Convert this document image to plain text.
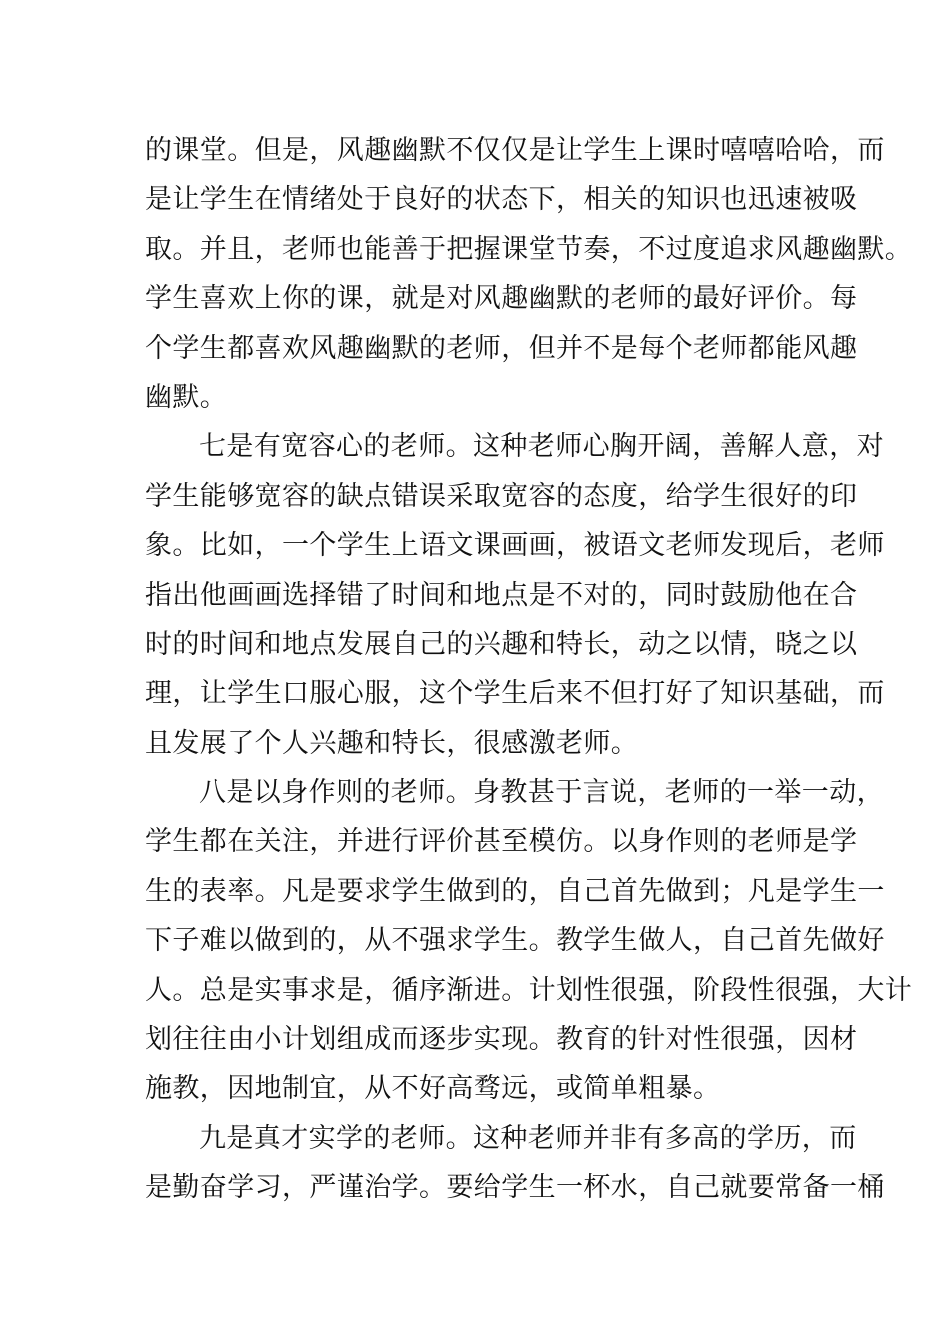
的课堂。但是，风趣幽默不仅仅是让学生上课时嘻嘻哈哈，而
是让学生在情绪处于良好的状态下，相关的知识也迅速被吸
取。并且，老师也能善于把握课堂节奏，不过度追求风趣幽默。
学生喜欢上你的课，就是对风趣幽默的老师的最好评价。每
个学生都喜欢风趣幽默的老师，但并不是每个老师都能风趣
幽默。
七是有宽容心的老师。这种老师心胸开阔，善解人意，对
学生能够宽容的缺点错误采取宽容的态度，给学生很好的印
象。比如，一个学生上语文课画画，被语文老师发现后，老师
指出他画画选择错了时间和地点是不对的，同时鼓励他在合
时的时间和地点发展自己的兴趣和特长，动之以情，晓之以
理，让学生口服心服，这个学生后来不但打好了知识基础，而
且发展了个人兴趣和特长，很感激老师。
八是以身作则的老师。身教甚于言说，老师的一举一动，
学生都在关注，并进行评价甚至模仿。以身作则的老师是学
生的表率。凡是要求学生做到的，自己首先做到；凡是学生一
下子难以做到的，从不强求学生。教学生做人，自己首先做好
人。总是实事求是，循序渐进。计划性很强，阶段性很强，大计
划往往由小计划组成而逐步实现。教育的针对性很强，因材
施教，因地制宜，从不好高骛远，或简单粗暴。
九是真才实学的老师。这种老师并非有多高的学历，而
是勤奋学习，严谨治学。要给学生一杯水，自己就要常备一桶
